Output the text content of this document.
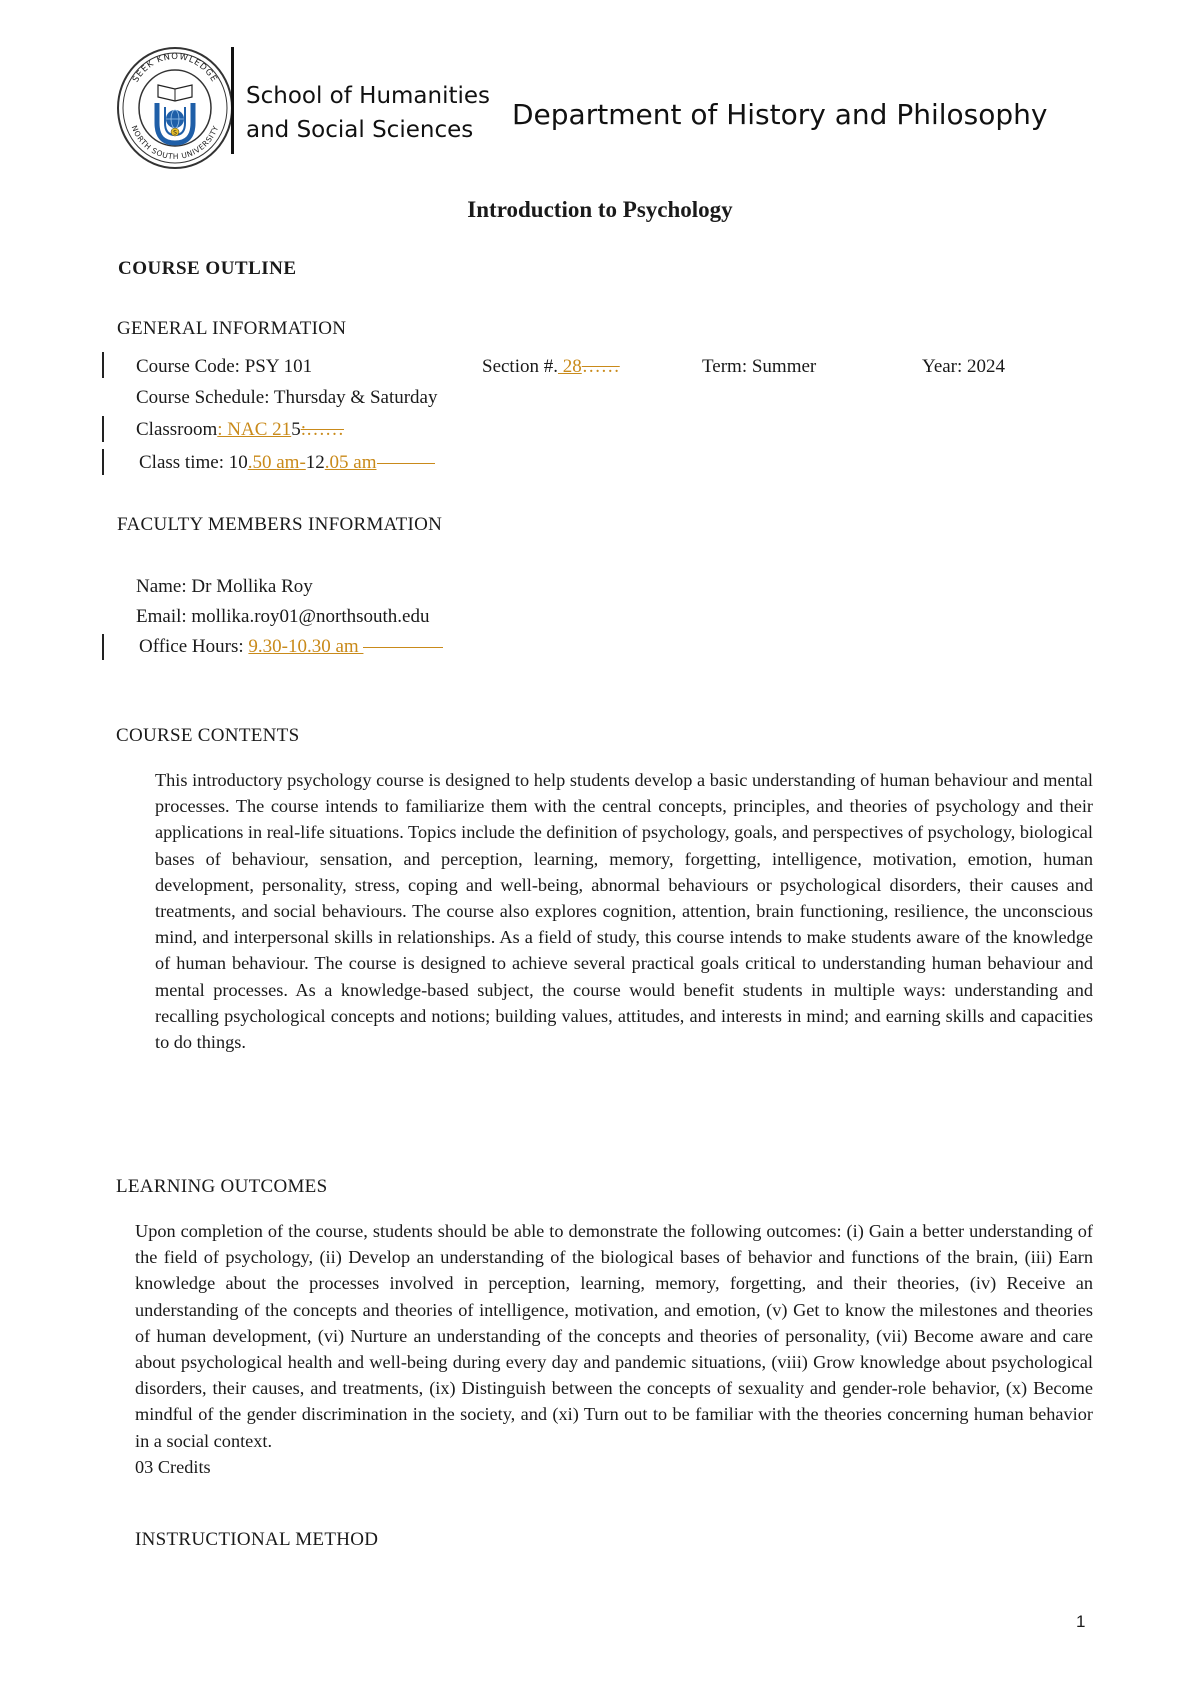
SEEK KNOWLEDGE
NORTH SOUTH UNIVERSITY
S
School of Humanities
and Social Sciences Department of History and Philosophy
Introduction to Psychology
COURSE OUTLINE
GENERAL INFORMATION
Course Code: PSY 101	Section #. 28……	Term: Summer	Year: 2024
Course Schedule: Thursday & Saturday
Classroom: NAC 215:……
Class time: 10.50 am-12.05 am
FACULTY MEMBERS INFORMATION
Name: Dr Mollika Roy
Email: mollika.roy01@northsouth.edu
Office Hours: 9.30-10.30 am
COURSE CONTENTS
This introductory psychology course is designed to help students develop a basic understanding of human behaviour and mental processes. The course intends to familiarize them with the central concepts, principles, and theories of psychology and their applications in real-life situations. Topics include the definition of psychology, goals, and perspectives of psychology, biological bases of behaviour, sensation, and perception, learning, memory, forgetting, intelligence, motivation, emotion, human development, personality, stress, coping and well-being, abnormal behaviours or psychological disorders, their causes and treatments, and social behaviours. The course also explores cognition, attention, brain functioning, resilience, the unconscious mind, and interpersonal skills in relationships. As a field of study, this course intends to make students aware of the knowledge of human behaviour. The course is designed to achieve several practical goals critical to understanding human behaviour and mental processes. As a knowledge-based subject, the course would benefit students in multiple ways: understanding and recalling psychological concepts and notions; building values, attitudes, and interests in mind; and earning skills and capacities to do things.
LEARNING OUTCOMES
Upon completion of the course, students should be able to demonstrate the following outcomes: (i) Gain a better understanding of the field of psychology, (ii) Develop an understanding of the biological bases of behavior and functions of the brain, (iii) Earn knowledge about the processes involved in perception, learning, memory, forgetting, and their theories, (iv) Receive an understanding of the concepts and theories of intelligence, motivation, and emotion, (v) Get to know the milestones and theories of human development, (vi) Nurture an understanding of the concepts and theories of personality, (vii) Become aware and care about psychological health and well-being during every day and pandemic situations, (viii) Grow knowledge about psychological disorders, their causes, and treatments, (ix) Distinguish between the concepts of sexuality and gender-role behavior, (x) Become mindful of the gender discrimination in the society, and (xi) Turn out to be familiar with the theories concerning human behavior in a social context.
03 Credits
INSTRUCTIONAL METHOD
1
